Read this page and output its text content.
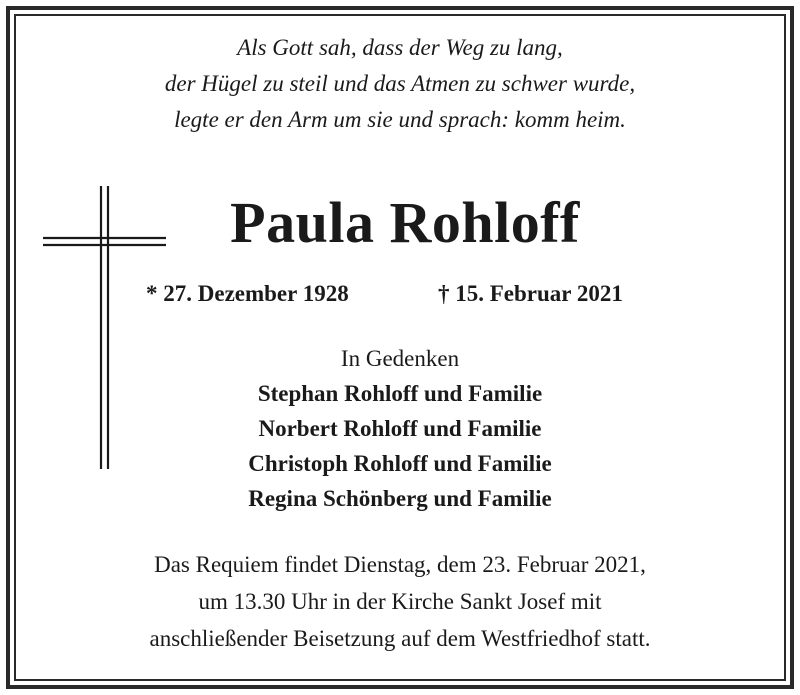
Als Gott sah, dass der Weg zu lang,
der Hügel zu steil und das Atmen zu schwer wurde,
legte er den Arm um sie und sprach: komm heim.
Paula Rohloff
* 27. Dezember 1928	† 15. Februar 2021
In Gedenken
Stephan Rohloff und Familie
Norbert Rohloff und Familie
Christoph Rohloff und Familie
Regina Schönberg und Familie
Das Requiem findet Dienstag, dem 23. Februar 2021,
um 13.30 Uhr in der Kirche Sankt Josef mit
anschließender Beisetzung auf dem Westfriedhof statt.
